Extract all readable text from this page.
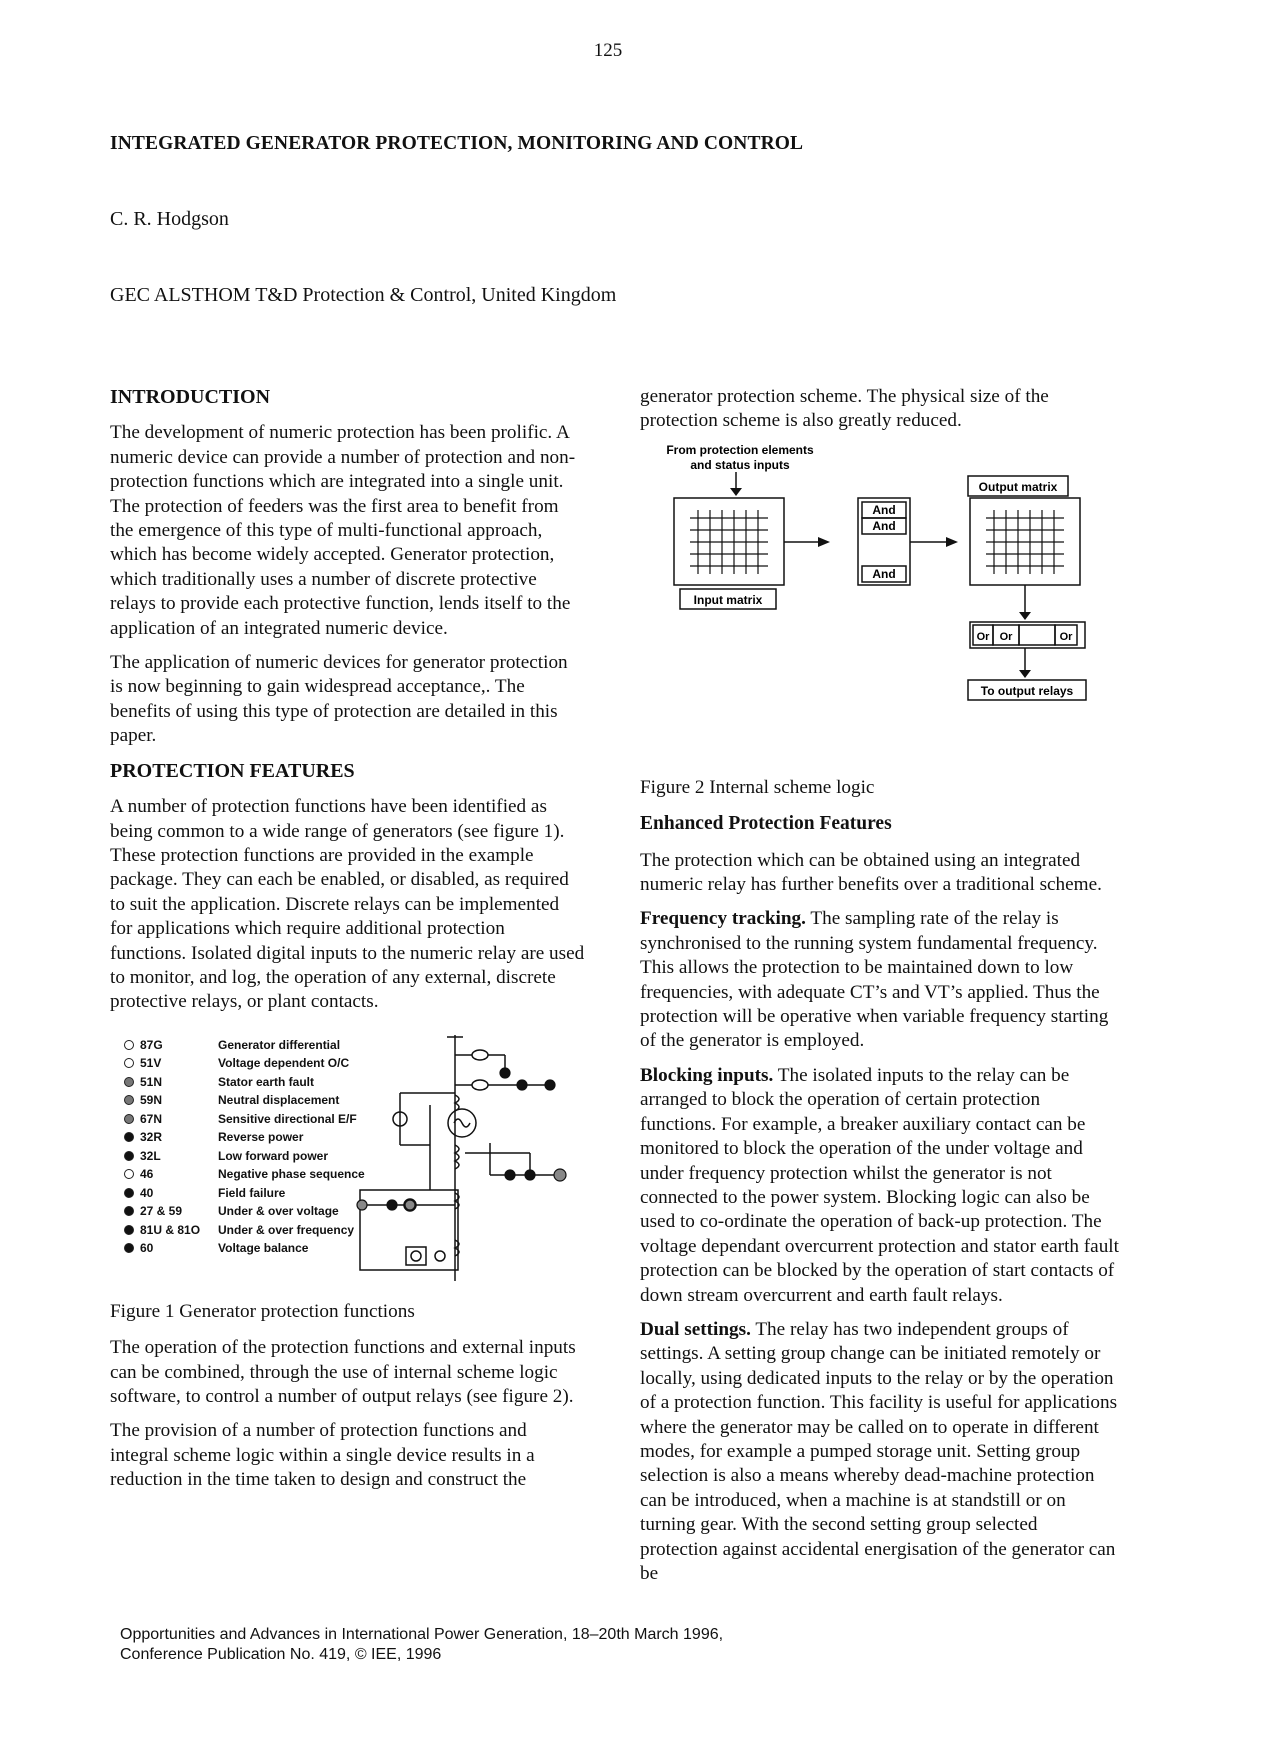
125
INTEGRATED GENERATOR PROTECTION, MONITORING AND CONTROL
C. R. Hodgson
GEC ALSTHOM T&D Protection & Control, United Kingdom
INTRODUCTION

The development of numeric protection has been prolific. A numeric device can provide a number of protection and non-protection functions which are integrated into a single unit. The protection of feeders was the first area to benefit from the emergence of this type of multi-functional approach, which has become widely accepted. Generator protection, which traditionally uses a number of discrete protective relays to provide each protective function, lends itself to the application of an integrated numeric device.

The application of numeric devices for generator protection is now beginning to gain widespread acceptance,. The benefits of using this type of protection are detailed in this paper.

PROTECTION FEATURES

A number of protection functions have been identified as being common to a wide range of generators (see figure 1). These protection functions are provided in the example package. They can each be enabled, or disabled, as required to suit the application. Discrete relays can be implemented for applications which require additional protection functions. Isolated digital inputs to the numeric relay are used to monitor, and log, the operation of any external, discrete protective relays, or plant contacts.

87G	Generator differential
51V	Voltage dependent O/C
51N	Stator earth fault
59N	Neutral displacement
67N	Sensitive directional E/F
32R	Reverse power
32L	Low forward power
46	Negative phase sequence
40	Field failure
27 & 59	Under & over voltage
81U & 81O Under & over frequency
60	Voltage balance

Figure 1 Generator protection functions

The operation of the protection functions and external inputs can be combined, through the use of internal scheme logic software, to control a number of output relays (see figure 2).

The provision of a number of protection functions and integral scheme logic within a single device results in a reduction in the time taken to design and construct the

generator protection scheme. The physical size of the protection scheme is also greatly reduced.

From protection elements
and status inputs
Output matrix
Input matrix
And
And
And
Or Or	Or
To output relays

Figure 2 Internal scheme logic

Enhanced Protection Features

The protection which can be obtained using an integrated numeric relay has further benefits over a traditional scheme.

Frequency tracking. The sampling rate of the relay is synchronised to the running system fundamental frequency. This allows the protection to be maintained down to low frequencies, with adequate CT’s and VT’s applied. Thus the protection will be operative when variable frequency starting of the generator is employed.

Blocking inputs. The isolated inputs to the relay can be arranged to block the operation of certain protection functions. For example, a breaker auxiliary contact can be monitored to block the operation of the under voltage and under frequency protection whilst the generator is not connected to the power system. Blocking logic can also be used to co-ordinate the operation of back-up protection. The voltage dependant overcurrent protection and stator earth fault protection can be blocked by the operation of start contacts of down stream overcurrent and earth fault relays.

Dual settings. The relay has two independent groups of settings. A setting group change can be initiated remotely or locally, using dedicated inputs to the relay or by the operation of a protection function. This facility is useful for applications where the generator may be called on to operate in different modes, for example a pumped storage unit. Setting group selection is also a means whereby dead-machine protection can be introduced, when a machine is at standstill or on turning gear. With the second setting group selected protection against accidental energisation of the generator can be

Opportunities and Advances in International Power Generation, 18–20th March 1996,
Conference Publication No. 419, © IEE, 1996
